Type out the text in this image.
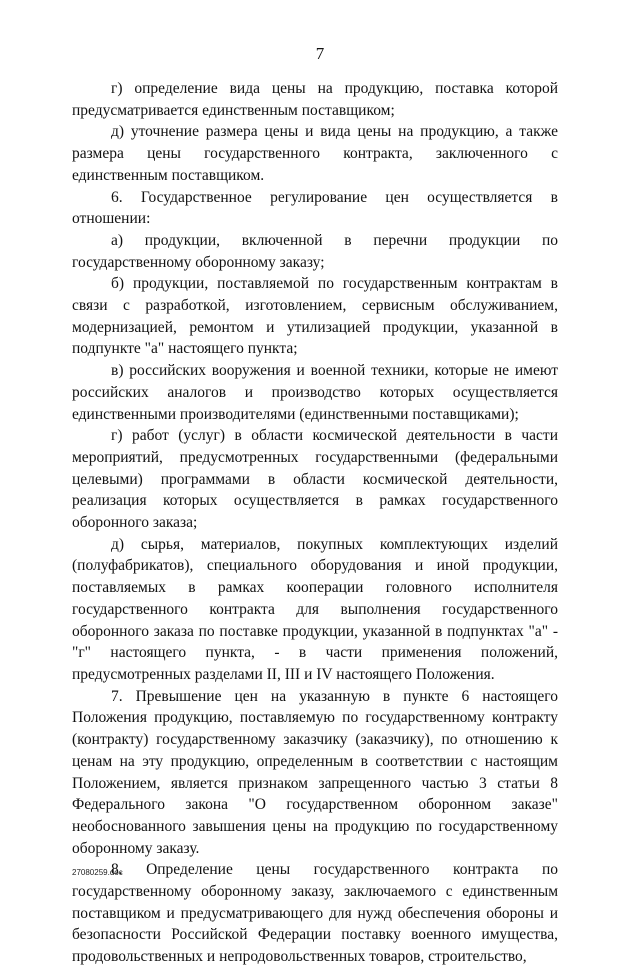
7

г) определение вида цены на продукцию, поставка которой предусматривается единственным поставщиком;

д) уточнение размера цены и вида цены на продукцию, а также размера цены государственного контракта, заключенного с единственным поставщиком.

6. Государственное регулирование цен осуществляется в отношении:

а) продукции, включенной в перечни продукции по государственному оборонному заказу;

б) продукции, поставляемой по государственным контрактам в связи с разработкой, изготовлением, сервисным обслуживанием, модернизацией, ремонтом и утилизацией продукции, указанной в подпункте "а" настоящего пункта;

в) российских вооружения и военной техники, которые не имеют российских аналогов и производство которых осуществляется единственными производителями (единственными поставщиками);

г) работ (услуг) в области космической деятельности в части мероприятий, предусмотренных государственными (федеральными целевыми) программами в области космической деятельности, реализация которых осуществляется в рамках государственного оборонного заказа;

д) сырья, материалов, покупных комплектующих изделий (полуфабрикатов), специального оборудования и иной продукции, поставляемых в рамках кооперации головного исполнителя государственного контракта для выполнения государственного оборонного заказа по поставке продукции, указанной в подпунктах "а" - "г" настоящего пункта, - в части применения положений, предусмотренных разделами II, III и IV настоящего Положения.

7. Превышение цен на указанную в пункте 6 настоящего Положения продукцию, поставляемую по государственному контракту (контракту) государственному заказчику (заказчику), по отношению к ценам на эту продукцию, определенным в соответствии с настоящим Положением, является признаком запрещенного частью 3 статьи 8 Федерального закона "О государственном оборонном заказе" необоснованного завышения цены на продукцию по государственному оборонному заказу.

8. Определение цены государственного контракта по государственному оборонному заказу, заключаемого с единственным поставщиком и предусматривающего для нужд обеспечения обороны и безопасности Российской Федерации поставку военного имущества, продовольственных и непродовольственных товаров, строительство,

27080259.doc
